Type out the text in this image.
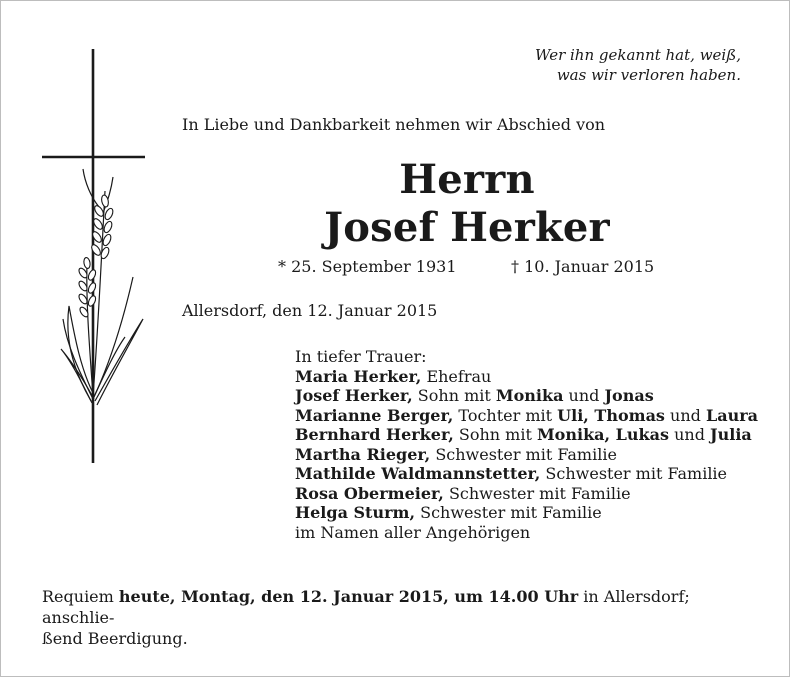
Wer ihn gekannt hat, weiß,
was wir verloren haben.
In Liebe und Dankbarkeit nehmen wir Abschied von
Herrn
Josef Herker
* 25. September 1931	† 10. Januar 2015
Allersdorf, den 12. Januar 2015
In tiefer Trauer:
Maria Herker, Ehefrau
Josef Herker, Sohn mit Monika und Jonas
Marianne Berger, Tochter mit Uli, Thomas und Laura
Bernhard Herker, Sohn mit Monika, Lukas und Julia
Martha Rieger, Schwester mit Familie
Mathilde Waldmannstetter, Schwester mit Familie
Rosa Obermeier, Schwester mit Familie
Helga Sturm, Schwester mit Familie
im Namen aller Angehörigen
Requiem heute, Montag, den 12. Januar 2015, um 14.00 Uhr in Allersdorf; anschlie-
ßend Beerdigung.
